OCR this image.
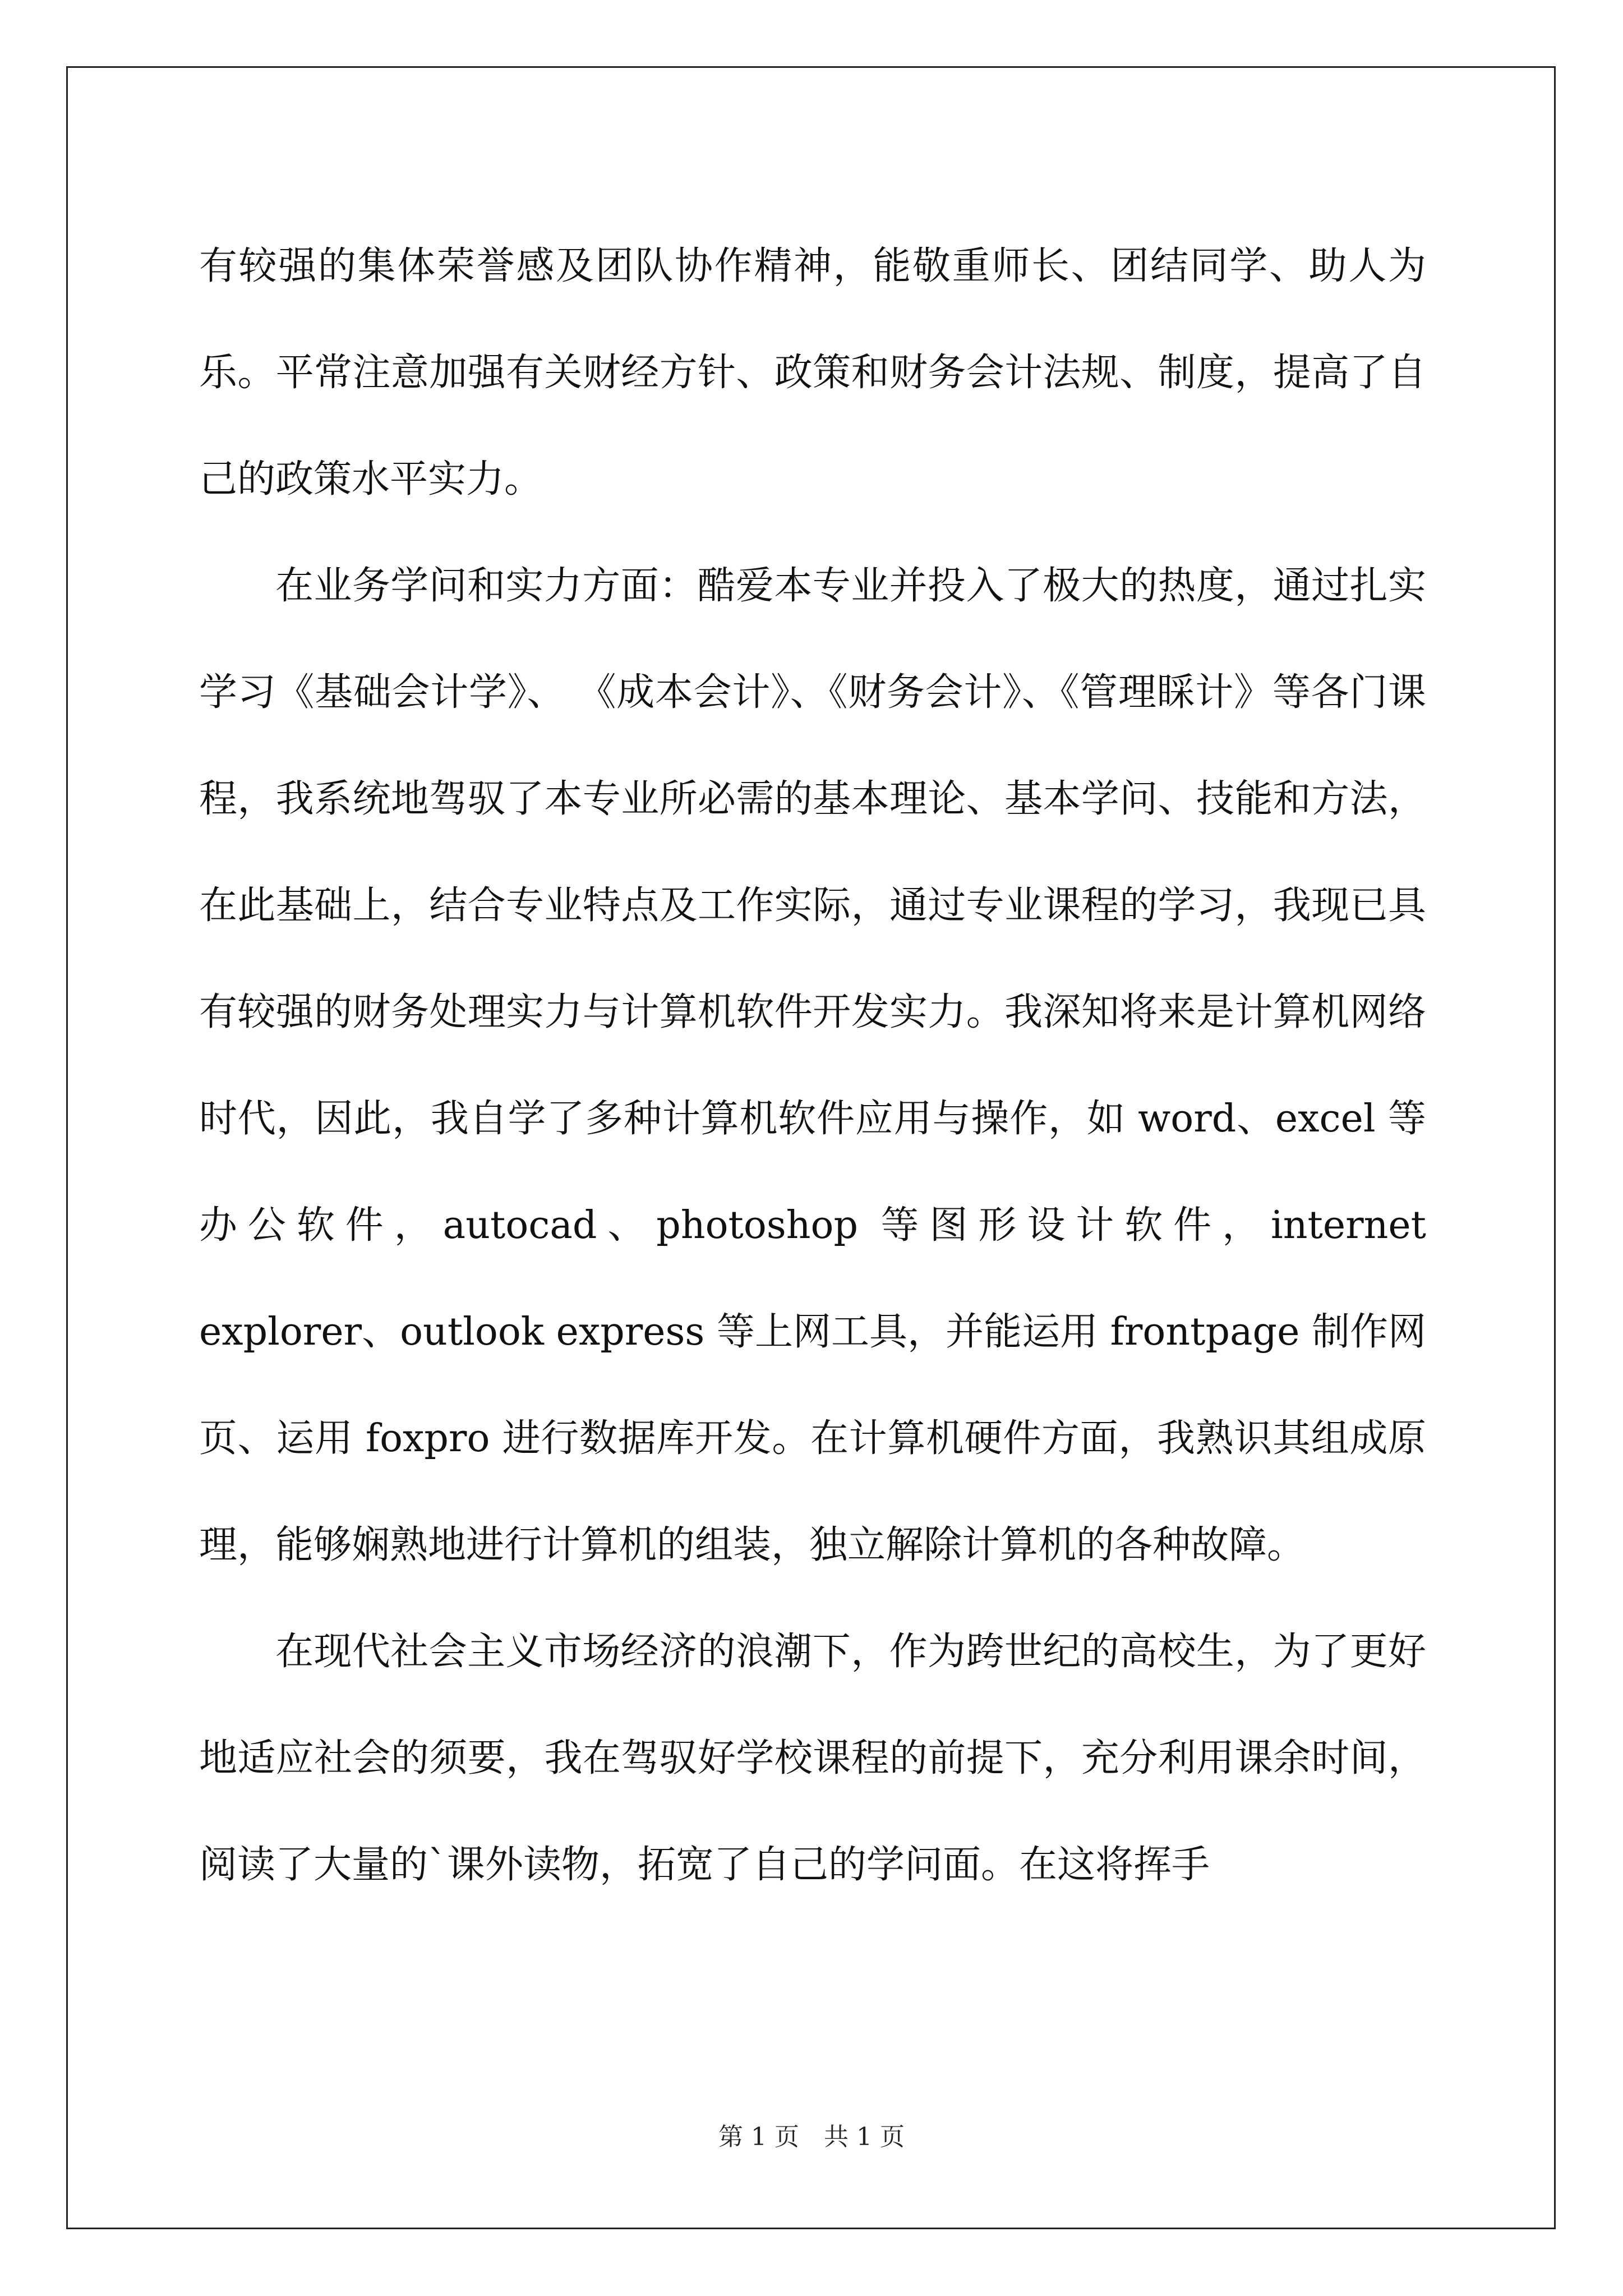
有较强的集体荣誉感及团队协作精神，能敬重师长、团结同学、助人为乐。平常注意加强有关财经方针、政策和财务会计法规、制度，提高了自己的政策水平实力。

在业务学问和实力方面：酷爱本专业并投入了极大的热度，通过扎实学习《基础会计学》、 《成本会计》、《财务会计》、《管理睬计》等各门课程，我系统地驾驭了本专业所必需的基本理论、基本学问、技能和方法，在此基础上，结合专业特点及工作实际，通过专业课程的学习，我现已具有较强的财务处理实力与计算机软件开发实力。我深知将来是计算机网络时代，因此，我自学了多种计算机软件应用与操作，如 word、excel 等办公软件，autocad、photoshop 等图形设计软件，internet explorer、outlook express 等上网工具，并能运用 frontpage 制作网页、运用 foxpro 进行数据库开发。在计算机硬件方面，我熟识其组成原理，能够娴熟地进行计算机的组装，独立解除计算机的各种故障。

在现代社会主义市场经济的浪潮下，作为跨世纪的高校生，为了更好地适应社会的须要，我在驾驭好学校课程的前提下，充分利用课余时间，阅读了大量的`课外读物，拓宽了自己的学问面。在这将挥手

第 1 页　共 1 页
